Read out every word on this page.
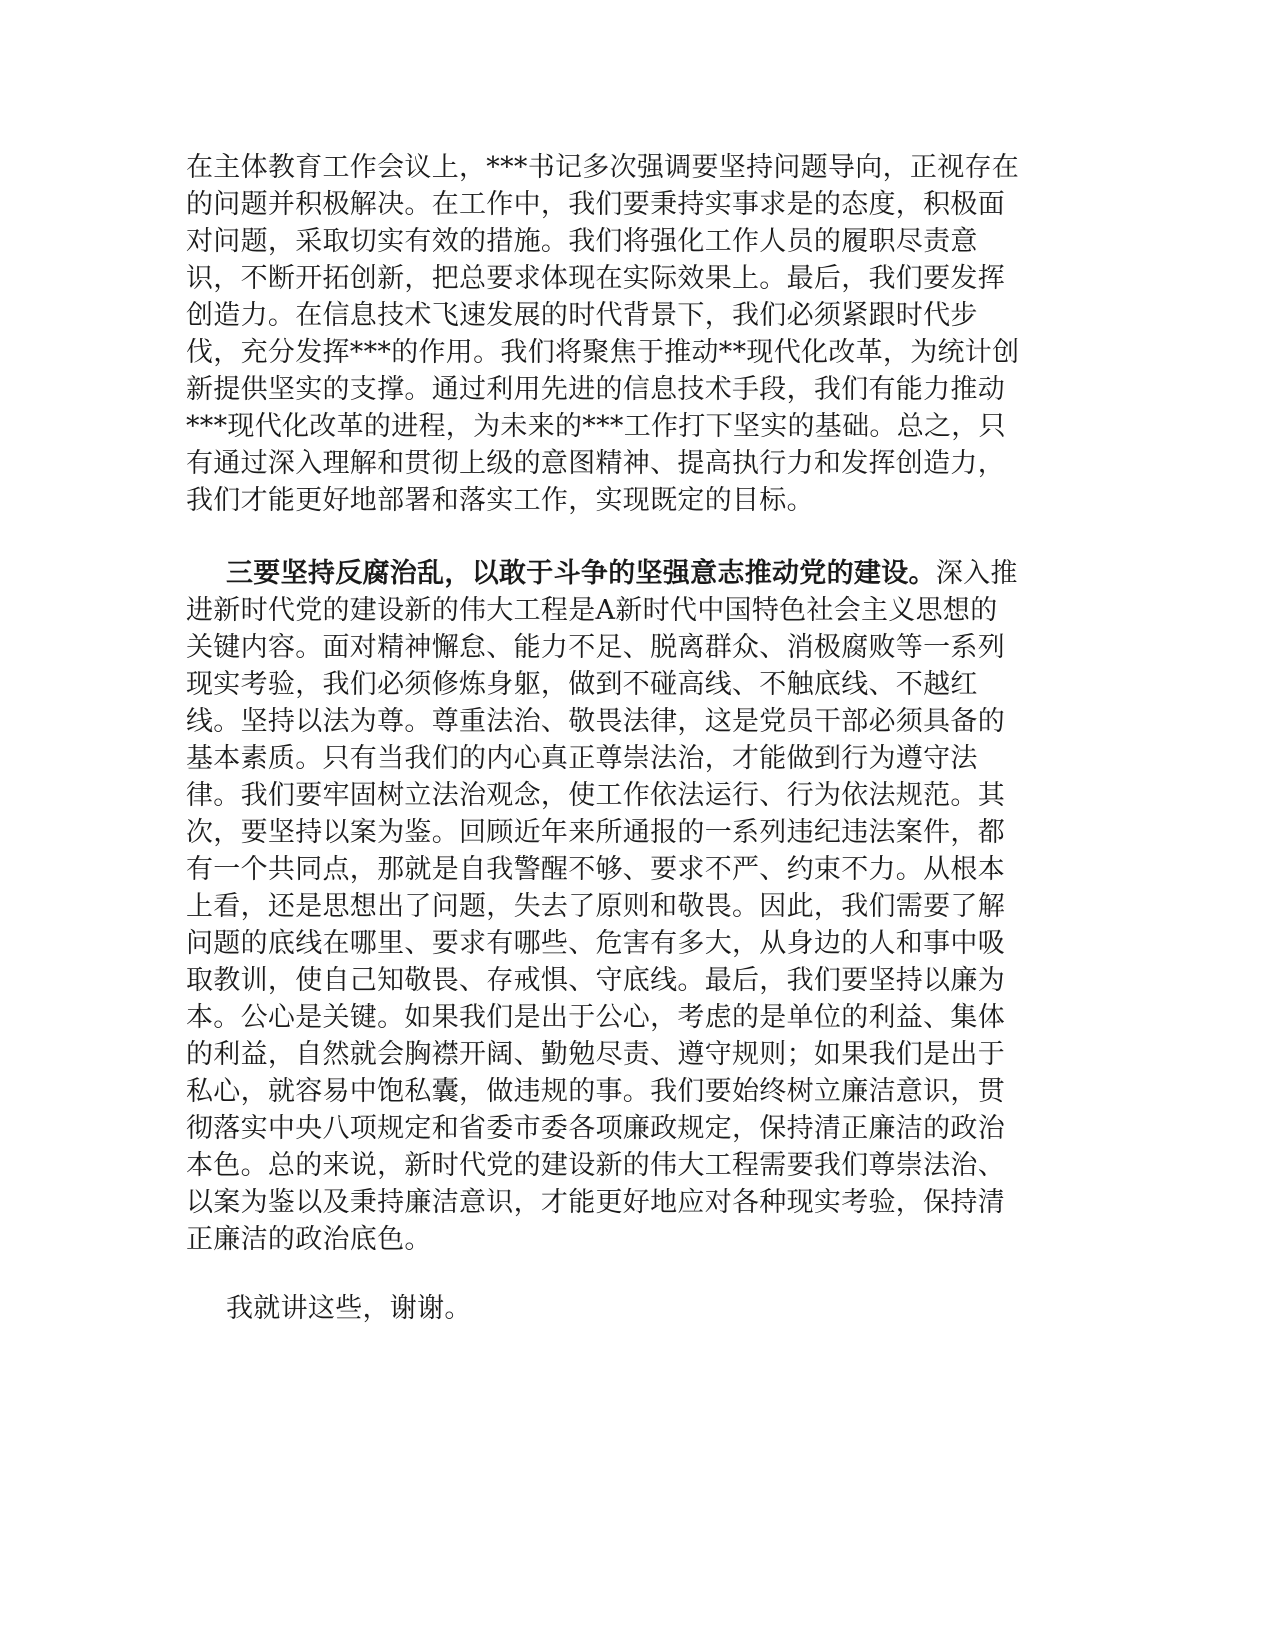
在主体教育工作会议上，***书记多次强调要坚持问题导向，正视存在
的问题并积极解决。在工作中，我们要秉持实事求是的态度，积极面
对问题，采取切实有效的措施。我们将强化工作人员的履职尽责意
识，不断开拓创新，把总要求体现在实际效果上。最后，我们要发挥
创造力。在信息技术飞速发展的时代背景下，我们必须紧跟时代步
伐，充分发挥***的作用。我们将聚焦于推动**现代化改革，为统计创
新提供坚实的支撑。通过利用先进的信息技术手段，我们有能力推动
***现代化改革的进程，为未来的***工作打下坚实的基础。总之，只
有通过深入理解和贯彻上级的意图精神、提高执行力和发挥创造力，
我们才能更好地部署和落实工作，实现既定的目标。
三要坚持反腐治乱，以敢于斗争的坚强意志推动党的建设。深入推
进新时代党的建设新的伟大工程是A新时代中国特色社会主义思想的
关键内容。面对精神懈怠、能力不足、脱离群众、消极腐败等一系列
现实考验，我们必须修炼身躯，做到不碰高线、不触底线、不越红
线。坚持以法为尊。尊重法治、敬畏法律，这是党员干部必须具备的
基本素质。只有当我们的内心真正尊崇法治，才能做到行为遵守法
律。我们要牢固树立法治观念，使工作依法运行、行为依法规范。其
次，要坚持以案为鉴。回顾近年来所通报的一系列违纪违法案件，都
有一个共同点，那就是自我警醒不够、要求不严、约束不力。从根本
上看，还是思想出了问题，失去了原则和敬畏。因此，我们需要了解
问题的底线在哪里、要求有哪些、危害有多大，从身边的人和事中吸
取教训，使自己知敬畏、存戒惧、守底线。最后，我们要坚持以廉为
本。公心是关键。如果我们是出于公心，考虑的是单位的利益、集体
的利益，自然就会胸襟开阔、勤勉尽责、遵守规则；如果我们是出于
私心，就容易中饱私囊，做违规的事。我们要始终树立廉洁意识，贯
彻落实中央八项规定和省委市委各项廉政规定，保持清正廉洁的政治
本色。总的来说，新时代党的建设新的伟大工程需要我们尊崇法治、
以案为鉴以及秉持廉洁意识，才能更好地应对各种现实考验，保持清
正廉洁的政治底色。
我就讲这些，谢谢。
